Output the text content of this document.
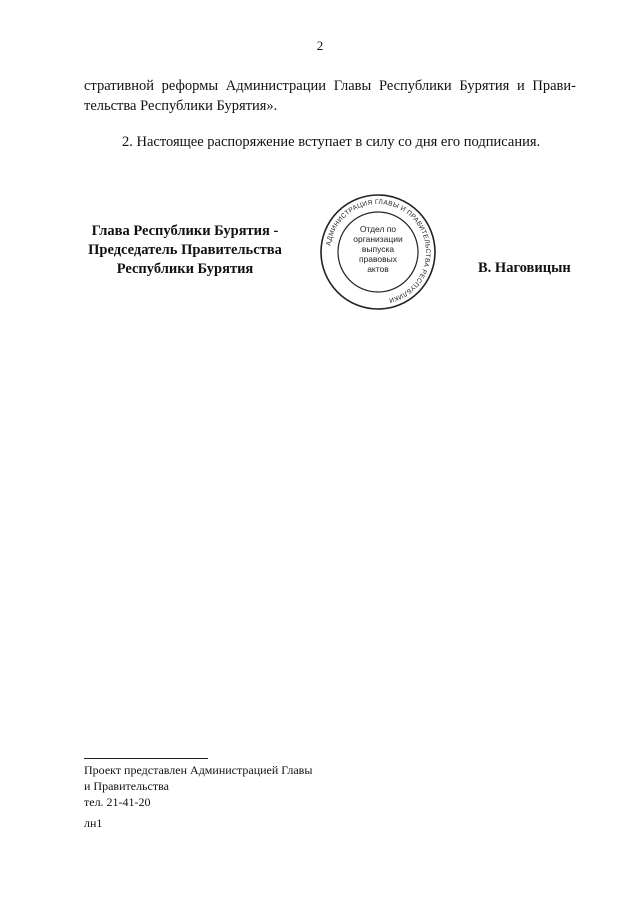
2
стративной реформы Администрации Главы Республики Бурятия и Прави-
тельства Республики Бурятия».
2. Настоящее распоряжение вступает в силу со дня его подписания.
Глава Республики Бурятия -
Председатель Правительства
Республики Бурятия
АДМИНИСТРАЦИЯ ГЛАВЫ И ПРАВИТЕЛЬСТВА РЕСПУБЛИКИ
Отдел по
организации
выпуска
правовых
актов	В. Наговицын
Проект представлен Администрацией Главы
и Правительства
тел. 21-41-20
лн1
